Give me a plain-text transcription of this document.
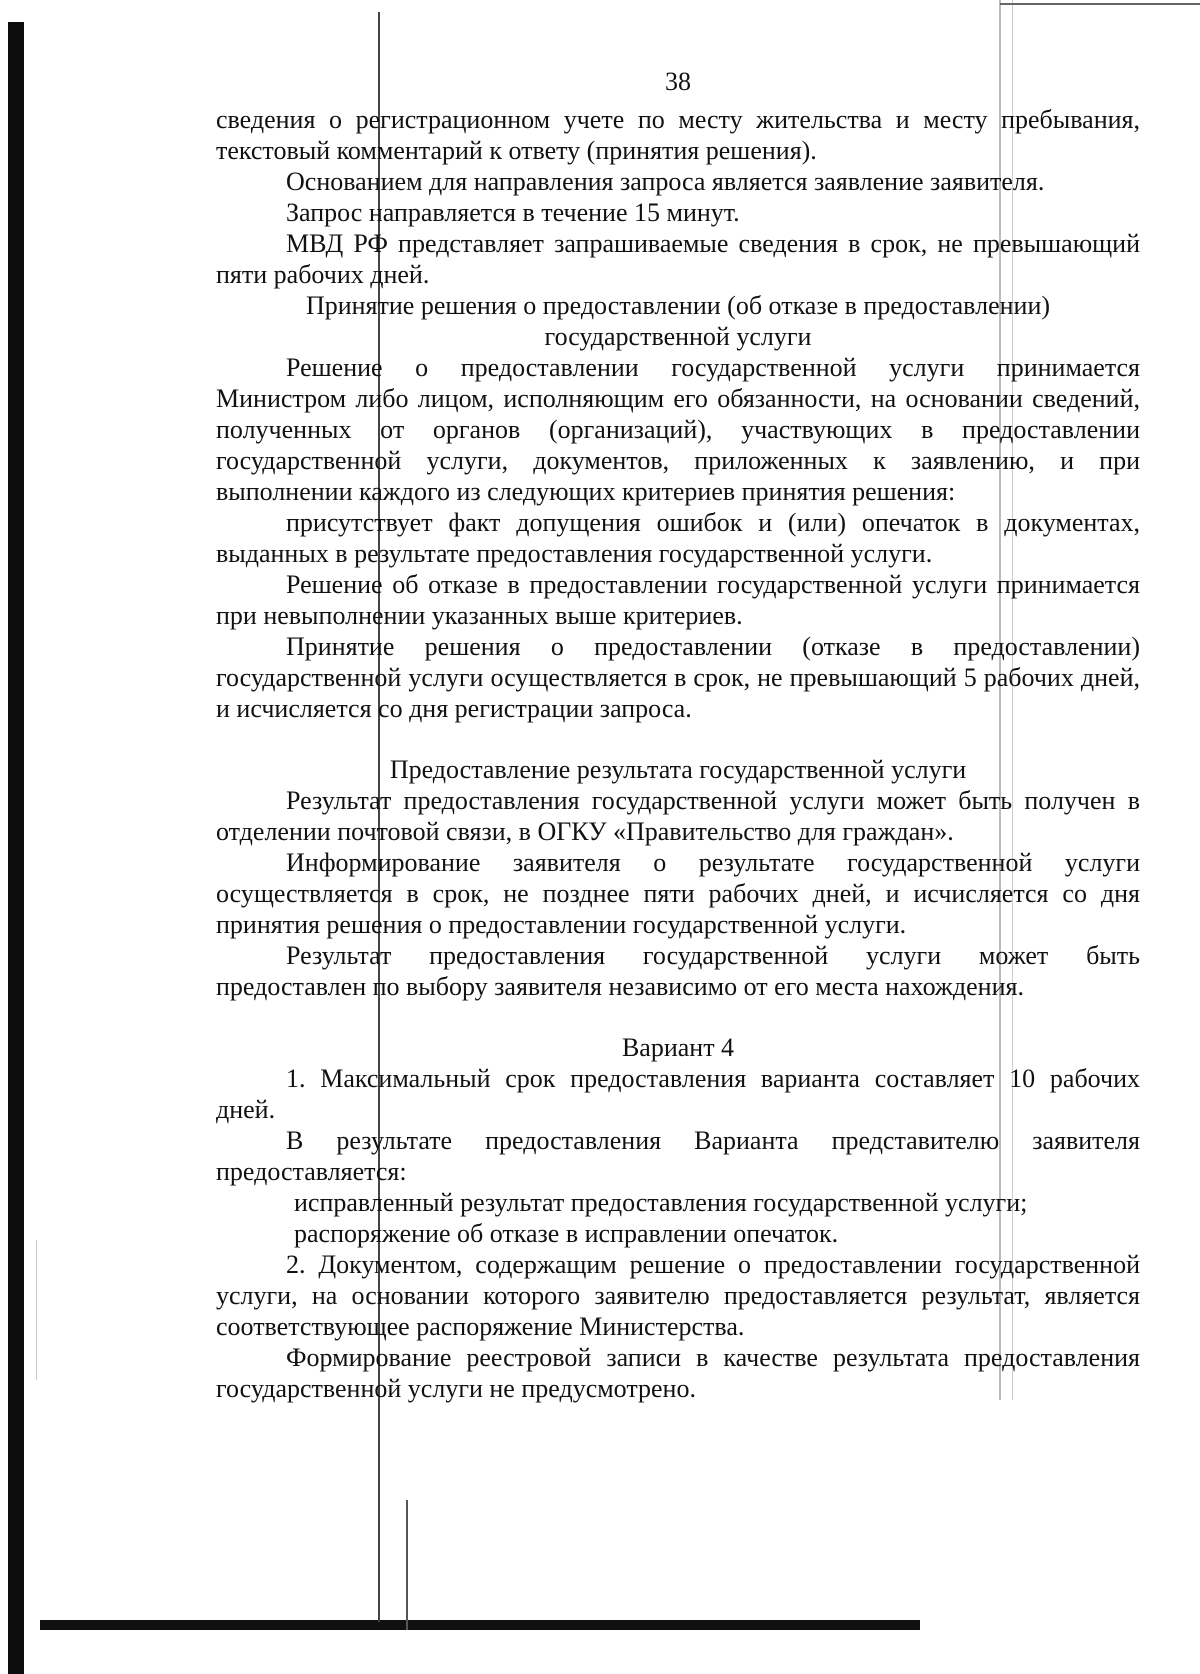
38

сведения о регистрационном учете по месту жительства и месту пребывания, текстовый комментарий к ответу (принятия решения).

Основанием для направления запроса является заявление заявителя.

Запрос направляется в течение 15 минут.

МВД РФ представляет запрашиваемые сведения в срок, не превышающий пяти рабочих дней.

Принятие решения о предоставлении (об отказе в предоставлении)

государственной услуги

Решение о предоставлении государственной услуги принимается Министром либо лицом, исполняющим его обязанности, на основании сведений, полученных от органов (организаций), участвующих в предоставлении государственной услуги, документов, приложенных к заявлению, и при выполнении каждого из следующих критериев принятия решения:

присутствует факт допущения ошибок и (или) опечаток в документах, выданных в результате предоставления государственной услуги.

Решение об отказе в предоставлении государственной услуги принимается при невыполнении указанных выше критериев.

Принятие решения о предоставлении (отказе в предоставлении) государственной услуги осуществляется в срок, не превышающий 5 рабочих дней, и исчисляется со дня регистрации запроса.

Предоставление результата государственной услуги

Результат предоставления государственной услуги может быть получен в отделении почтовой связи, в ОГКУ «Правительство для граждан».

Информирование заявителя о результате государственной услуги осуществляется в срок, не позднее пяти рабочих дней, и исчисляется со дня принятия решения о предоставлении государственной услуги.

Результат предоставления государственной услуги может быть предоставлен по выбору заявителя независимо от его места нахождения.

Вариант 4

1. Максимальный срок предоставления варианта составляет 10 рабочих дней.

В результате предоставления Варианта представителю заявителя предоставляется:

исправленный результат предоставления государственной услуги;

распоряжение об отказе в исправлении опечаток.

2. Документом, содержащим решение о предоставлении государственной услуги, на основании которого заявителю предоставляется результат, является соответствующее распоряжение Министерства.

Формирование реестровой записи в качестве результата предоставления государственной услуги не предусмотрено.
